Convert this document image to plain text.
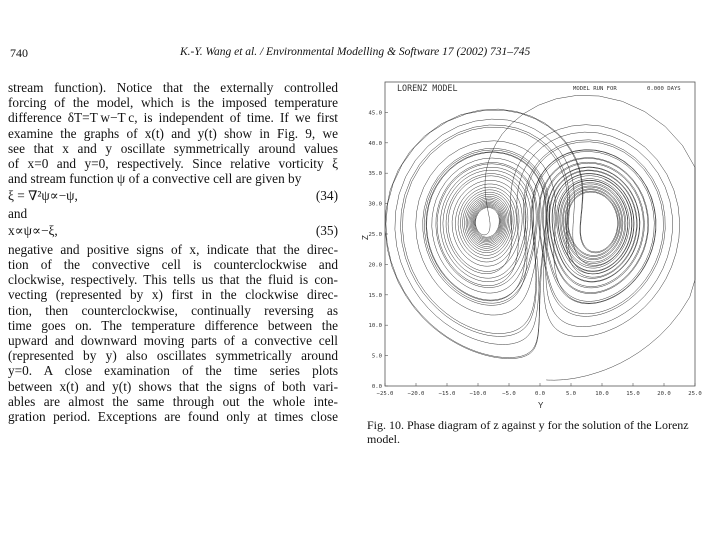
740	K.-Y. Wang et al. / Environmental Modelling & Software 17 (2002) 731–745
stream function). Notice that the externally controlled
forcing of the model, which is the imposed temperature
difference δT=T w−T c, is independent of time. If we first
examine the graphs of x(t) and y(t) show in Fig. 9, we
see that x and y oscillate symmetrically around values
of x=0 and y=0, respectively. Since relative vorticity ξ
and stream function ψ of a convective cell are given by
ξ = ∇²ψ∝−ψ,	(34)
and
x∝ψ∝−ξ,	(35)
negative and positive signs of x, indicate that the direc-
tion of the convective cell is counterclockwise and
clockwise, respectively. This tells us that the fluid is con-
vecting (represented by x) first in the clockwise direc-
tion, then counterclockwise, continually reversing as
time goes on. The temperature difference between the
upward and downward moving parts of a convective cell
(represented by y) also oscillates symmetrically around
y=0. A close examination of the time series plots
between x(t) and y(t) shows that the signs of both vari-
ables are almost the same through out the whole inte-
gration period. Exceptions are found only at times close
LORENZ MODEL	MODEL RUN FOR	0.000 DAYS
0.0
5.0
10.0
15.0
20.0
25.0
30.0
35.0
40.0
45.0
−25.0	−20.0	−15.0	−10.0	−5.0	0.0	5.0	10.0	15.0	20.0	25.0
Y
Z
Fig. 10. Phase diagram of z against y for the solution of the Lorenz model.
